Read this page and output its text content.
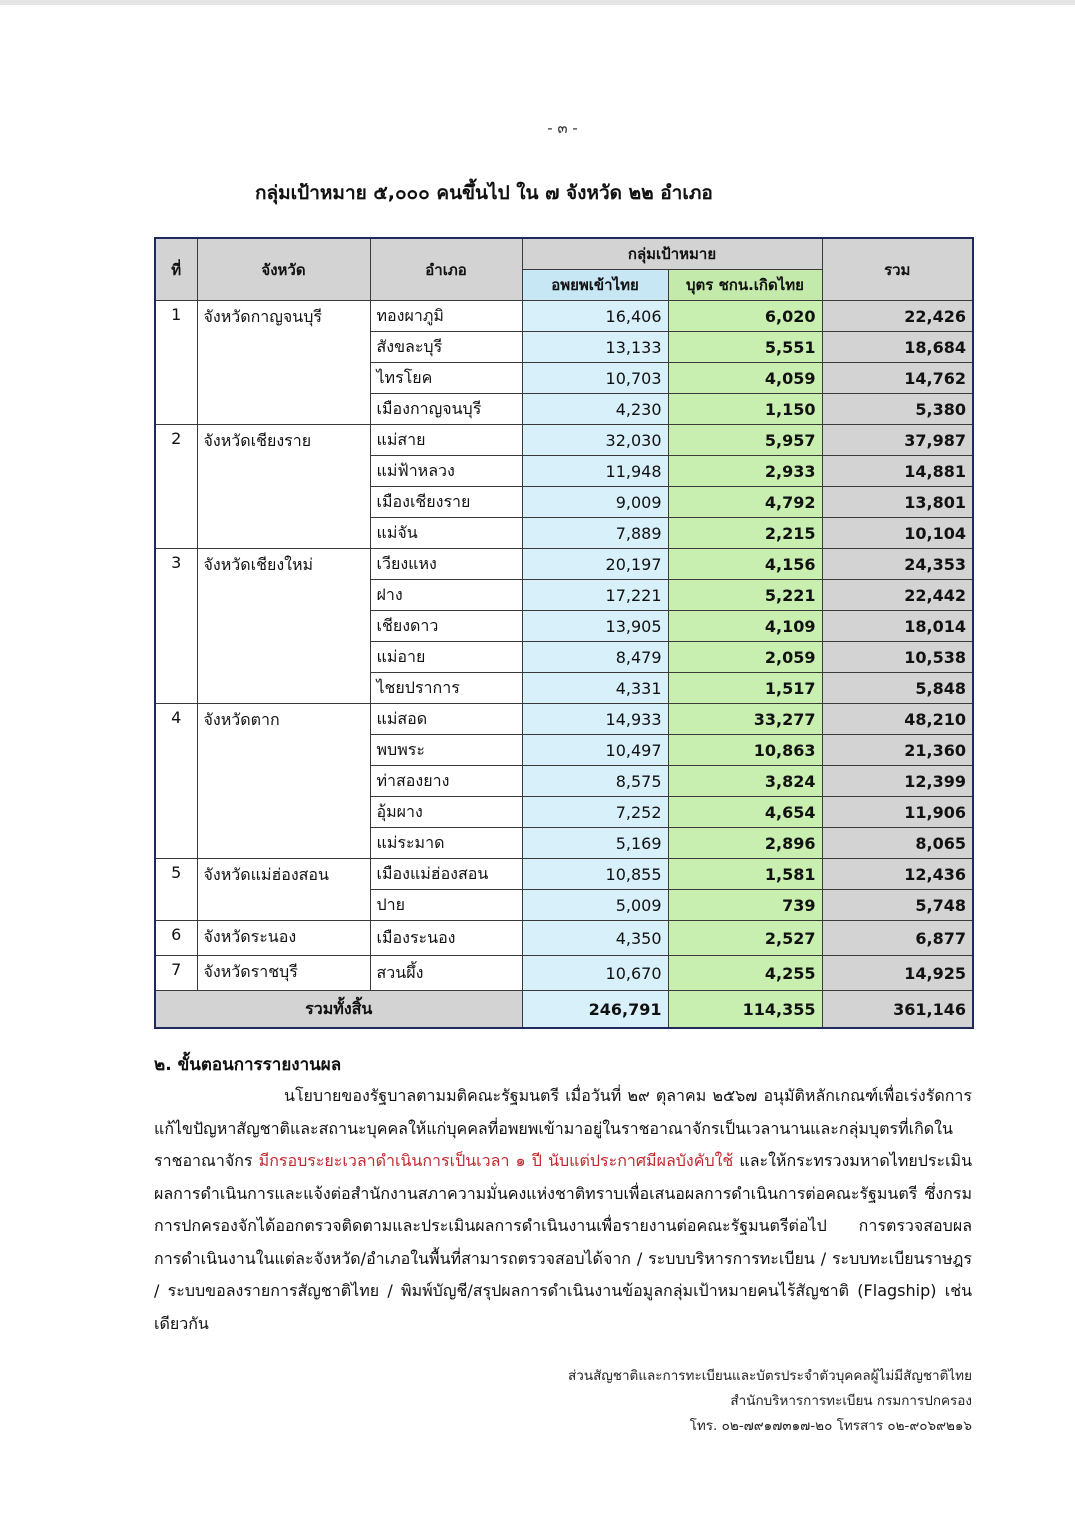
- ๓ -
กลุ่มเป้าหมาย ๕,๐๐๐ คนขึ้นไป ใน ๗ จังหวัด ๒๒ อำเภอ
ที่	จังหวัด	อำเภอ	กลุ่มเป้าหมาย		รวม
			อพยพเข้าไทย	บุตร ชกน.เกิดไทย	
1	จังหวัดกาญจนบุรี	ทองผาภูมิ	16,406	6,020	22,426
		สังขละบุรี	13,133	5,551	18,684
		ไทรโยค	10,703	4,059	14,762
		เมืองกาญจนบุรี	4,230	1,150	5,380
2	จังหวัดเชียงราย	แม่สาย	32,030	5,957	37,987
		แม่ฟ้าหลวง	11,948	2,933	14,881
		เมืองเชียงราย	9,009	4,792	13,801
		แม่จัน	7,889	2,215	10,104
3	จังหวัดเชียงใหม่	เวียงแหง	20,197	4,156	24,353
		ฝาง	17,221	5,221	22,442
		เชียงดาว	13,905	4,109	18,014
		แม่อาย	8,479	2,059	10,538
		ไชยปราการ	4,331	1,517	5,848
4	จังหวัดตาก	แม่สอด	14,933	33,277	48,210
		พบพระ	10,497	10,863	21,360
		ท่าสองยาง	8,575	3,824	12,399
		อุ้มผาง	7,252	4,654	11,906
		แม่ระมาด	5,169	2,896	8,065
5	จังหวัดแม่ฮ่องสอน	เมืองแม่ฮ่องสอน	10,855	1,581	12,436
		ปาย	5,009	739	5,748
6	จังหวัดระนอง	เมืองระนอง	4,350	2,527	6,877
7	จังหวัดราชบุรี	สวนผึ้ง	10,670	4,255	14,925
รวมทั้งสิ้น			246,791	114,355	361,146
๒. ขั้นตอนการรายงานผล
นโยบายของรัฐบาลตามมติคณะรัฐมนตรี เมื่อวันที่ ๒๙ ตุลาคม ๒๕๖๗ อนุมัติหลักเกณฑ์เพื่อเร่งรัดการแก้ไขปัญหาสัญชาติและสถานะบุคคลให้แก่บุคคลที่อพยพเข้ามาอยู่ในราชอาณาจักรเป็นเวลานานและกลุ่มบุตรที่เกิดในราชอาณาจักร มีกรอบระยะเวลาดำเนินการเป็นเวลา ๑ ปี นับแต่ประกาศมีผลบังคับใช้ และให้กระทรวงมหาดไทยประเมินผลการดำเนินการและแจ้งต่อสำนักงานสภาความมั่นคงแห่งชาติทราบเพื่อเสนอผลการดำเนินการต่อคณะรัฐมนตรี ซึ่งกรมการปกครองจักได้ออกตรวจติดตามและประเมินผลการดำเนินงานเพื่อรายงานต่อคณะรัฐมนตรีต่อไป การตรวจสอบผลการดำเนินงานในแต่ละจังหวัด/อำเภอในพื้นที่สามารถตรวจสอบได้จาก / ระบบบริหารการทะเบียน / ระบบทะเบียนราษฎร / ระบบขอลงรายการสัญชาติไทย / พิมพ์บัญชี/สรุปผลการดำเนินงานข้อมูลกลุ่มเป้าหมายคนไร้สัญชาติ (Flagship) เช่นเดียวกัน
ส่วนสัญชาติและการทะเบียนและบัตรประจำตัวบุคคลผู้ไม่มีสัญชาติไทย
สำนักบริหารการทะเบียน กรมการปกครอง
โทร. ๐๒-๗๙๑๗๓๑๗-๒๐ โทรสาร ๐๒-๙๐๖๙๒๑๖
